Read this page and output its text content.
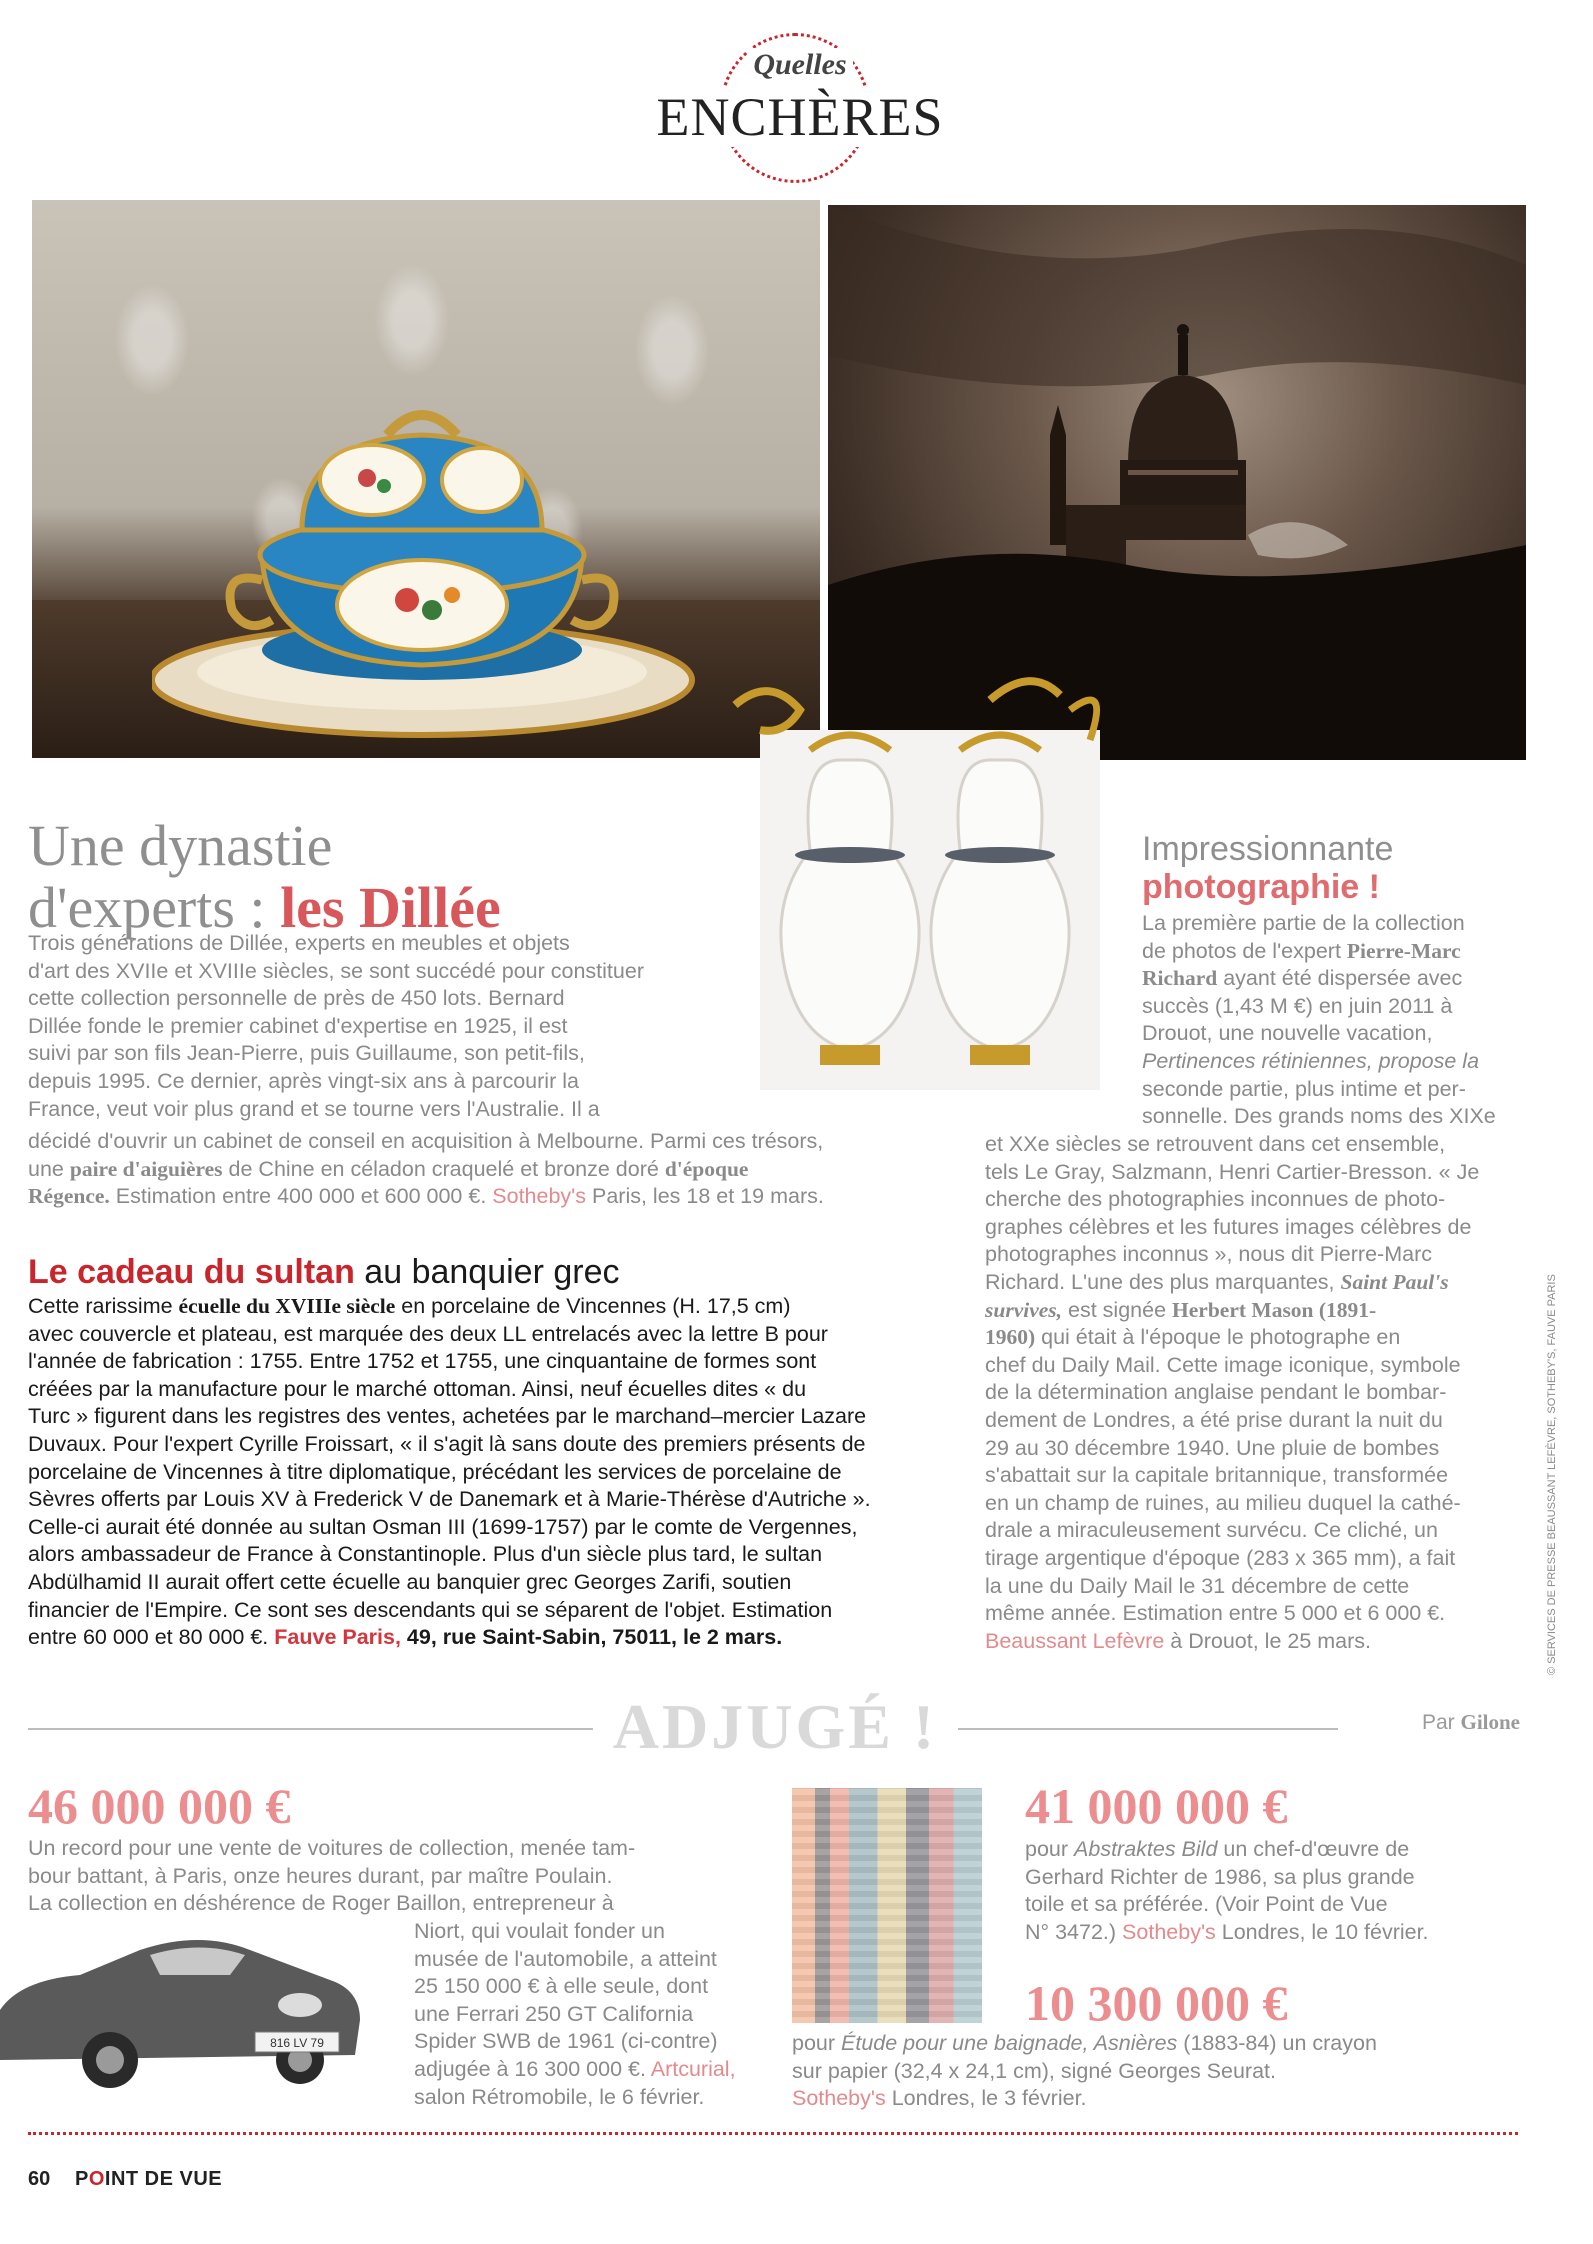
Quelles
ENCHÈRES
Une dynastie
d'experts : les Dillée
Trois générations de Dillée, experts en meubles et objets
d'art des XVIIe et XVIIIe siècles, se sont succédé pour constituer
cette collection personnelle de près de 450 lots. Bernard
Dillée fonde le premier cabinet d'expertise en 1925, il est
suivi par son fils Jean-Pierre, puis Guillaume, son petit-fils,
depuis 1995. Ce dernier, après vingt-six ans à parcourir la
France, veut voir plus grand et se tourne vers l'Australie. Il a
décidé d'ouvrir un cabinet de conseil en acquisition à Melbourne. Parmi ces trésors,
une paire d'aiguières de Chine en céladon craquelé et bronze doré d'époque
Régence. Estimation entre 400 000 et 600 000 €. Sotheby's Paris, les 18 et 19 mars.
Impressionnante
photographie !
La première partie de la collection
de photos de l'expert Pierre-Marc
Richard ayant été dispersée avec
succès (1,43 M €) en juin 2011 à
Drouot, une nouvelle vacation,
Pertinences rétiniennes, propose la
seconde partie, plus intime et per-
sonnelle. Des grands noms des XIXe
et XXe siècles se retrouvent dans cet ensemble,
tels Le Gray, Salzmann, Henri Cartier-Bresson. « Je
cherche des photographies inconnues de photo-
graphes célèbres et les futures images célèbres de
photographes inconnus », nous dit Pierre-Marc
Richard. L'une des plus marquantes, Saint Paul's
survives, est signée Herbert Mason (1891-
1960) qui était à l'époque le photographe en
chef du Daily Mail. Cette image iconique, symbole
de la détermination anglaise pendant le bombar-
dement de Londres, a été prise durant la nuit du
29 au 30 décembre 1940. Une pluie de bombes
s'abattait sur la capitale britannique, transformée
en un champ de ruines, au milieu duquel la cathé-
drale a miraculeusement survécu. Ce cliché, un
tirage argentique d'époque (283 x 365 mm), a fait
la une du Daily Mail le 31 décembre de cette
même année. Estimation entre 5 000 et 6 000 €.
Beaussant Lefèvre à Drouot, le 25 mars.
Le cadeau du sultan au banquier grec
Cette rarissime écuelle du XVIIIe siècle en porcelaine de Vincennes (H. 17,5 cm)
avec couvercle et plateau, est marquée des deux LL entrelacés avec la lettre B pour
l'année de fabrication : 1755. Entre 1752 et 1755, une cinquantaine de formes sont
créées par la manufacture pour le marché ottoman. Ainsi, neuf écuelles dites « du
Turc » figurent dans les registres des ventes, achetées par le marchand–mercier Lazare
Duvaux. Pour l'expert Cyrille Froissart, « il s'agit là sans doute des premiers présents de
porcelaine de Vincennes à titre diplomatique, précédant les services de porcelaine de
Sèvres offerts par Louis XV à Frederick V de Danemark et à Marie-Thérèse d'Autriche ».
Celle-ci aurait été donnée au sultan Osman III (1699-1757) par le comte de Vergennes,
alors ambassadeur de France à Constantinople. Plus d'un siècle plus tard, le sultan
Abdülhamid II aurait offert cette écuelle au banquier grec Georges Zarifi, soutien
financier de l'Empire. Ce sont ses descendants qui se séparent de l'objet. Estimation
entre 60 000 et 80 000 €. Fauve Paris, 49, rue Saint-Sabin, 75011, le 2 mars.
ADJUGÉ !	Par Gilone
46 000 000 €
Un record pour une vente de voitures de collection, menée tam-
bour battant, à Paris, onze heures durant, par maître Poulain.
La collection en déshérence de Roger Baillon, entrepreneur à
Niort, qui voulait fonder un
musée de l'automobile, a atteint
25 150 000 € à elle seule, dont
une Ferrari 250 GT California
Spider SWB de 1961 (ci-contre)
adjugée à 16 300 000 €. Artcurial,
salon Rétromobile, le 6 février.
816 LV 79
41 000 000 €
pour Abstraktes Bild un chef-d'œuvre de
Gerhard Richter de 1986, sa plus grande
toile et sa préférée. (Voir Point de Vue
N° 3472.) Sotheby's Londres, le 10 février.
10 300 000 €
pour Étude pour une baignade, Asnières (1883-84) un crayon
sur papier (32,4 x 24,1 cm), signé Georges Seurat.
Sotheby's Londres, le 3 février.
60 POINT DE VUE
© SERVICES DE PRESSE BEAUSSANT LEFÈVRE, SOTHEBY'S, FAUVE PARIS
